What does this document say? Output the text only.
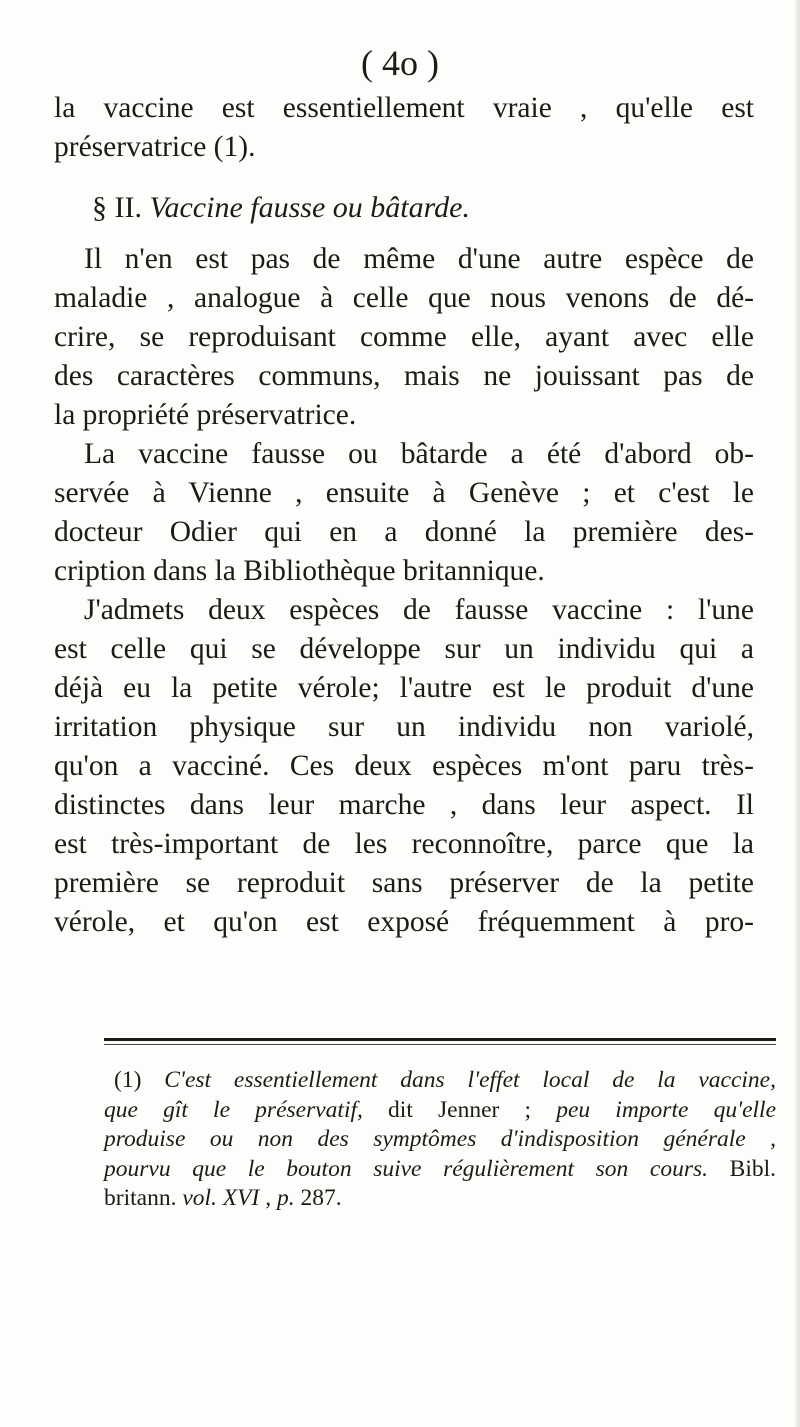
( 4o )
la vaccine est essentiellement vraie , qu'elle est
préservatrice (1).
§ II. Vaccine fausse ou bâtarde.
Il n'en est pas de même d'une autre espèce de
maladie , analogue à celle que nous venons de dé-
crire, se reproduisant comme elle, ayant avec elle
des caractères communs, mais ne jouissant pas de
la propriété préservatrice.
La vaccine fausse ou bâtarde a été d'abord ob-
servée à Vienne , ensuite à Genève ; et c'est le
docteur Odier qui en a donné la première des-
cription dans la Bibliothèque britannique.
J'admets deux espèces de fausse vaccine : l'une
est celle qui se développe sur un individu qui a
déjà eu la petite vérole; l'autre est le produit d'une
irritation physique sur un individu non variolé,
qu'on a vacciné. Ces deux espèces m'ont paru très-
distinctes dans leur marche , dans leur aspect. Il
est très-important de les reconnoître, parce que la
première se reproduit sans préserver de la petite
vérole, et qu'on est exposé fréquemment à pro-
(1) C'est essentiellement dans l'effet local de la vaccine,
que gît le préservatif, dit Jenner ; peu importe qu'elle
produise ou non des symptômes d'indisposition générale ,
pourvu que le bouton suive régulièrement son cours. Bibl.
britann. vol. XVI , p. 287.
